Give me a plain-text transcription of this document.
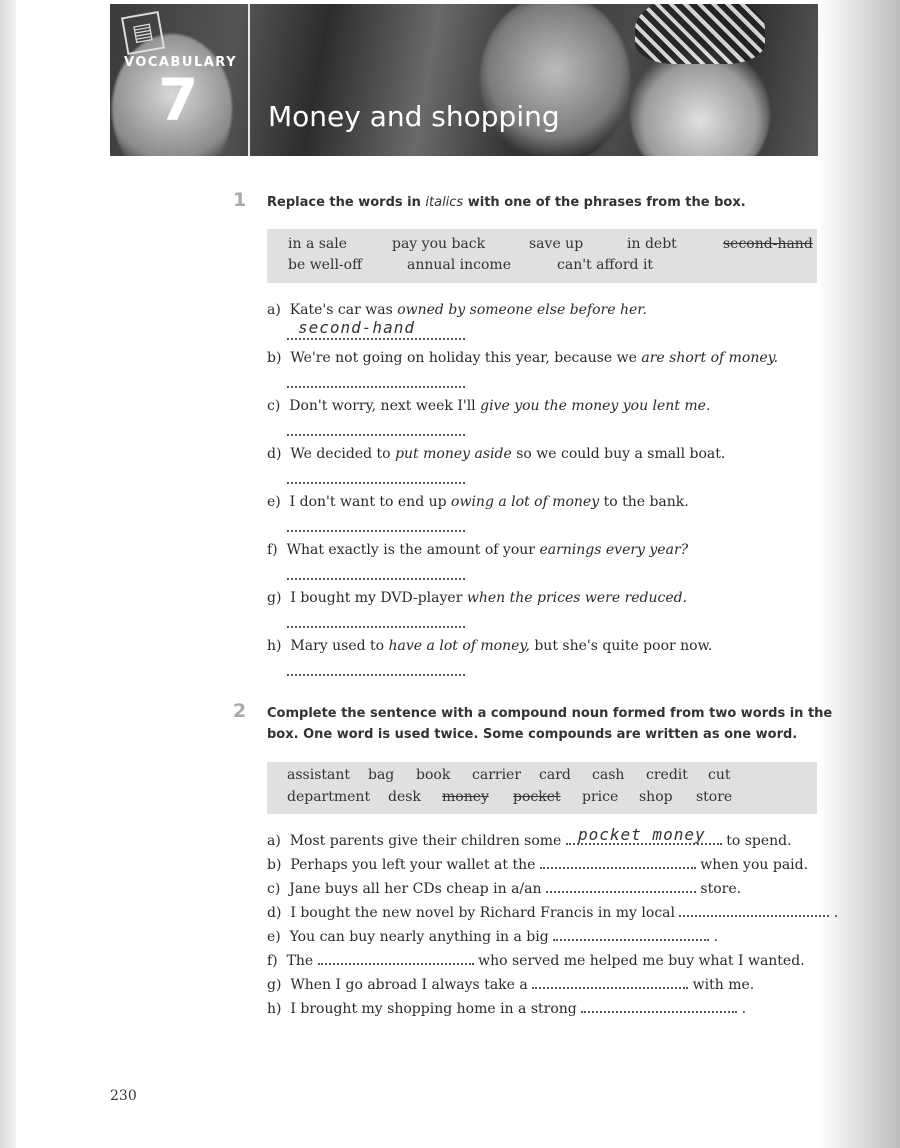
▤
VOCABULARY
7 Money and shopping
1 Replace the words in italics with one of the phrases from the box.
in a sale	pay you back	save up	in debt	second-hand
be well-off	annual income	can't afford it
a) Kate's car was owned by someone else before her.
second-hand
b) We're not going on holiday this year, because we are short of money.
c) Don't worry, next week I'll give you the money you lent me.
d) We decided to put money aside so we could buy a small boat.
e) I don't want to end up owing a lot of money to the bank.
f) What exactly is the amount of your earnings every year?
g) I bought my DVD-player when the prices were reduced.
h) Mary used to have a lot of money, but she's quite poor now.
2 Complete the sentence with a compound noun formed from two words in the
box. One word is used twice. Some compounds are written as one word.
assistant bag book carrier card cash credit cut
department desk money pocket price shop store
a) Most parents give their children some	to spend.
pocket money
b) Perhaps you left your wallet at the	when you paid.
c) Jane buys all her CDs cheap in a/an	store.
d) I bought the new novel by Richard Francis in my local	.
e) You can buy nearly anything in a big	.
f) The	who served me helped me buy what I wanted.
g) When I go abroad I always take a	with me.
h) I brought my shopping home in a strong	.
230
